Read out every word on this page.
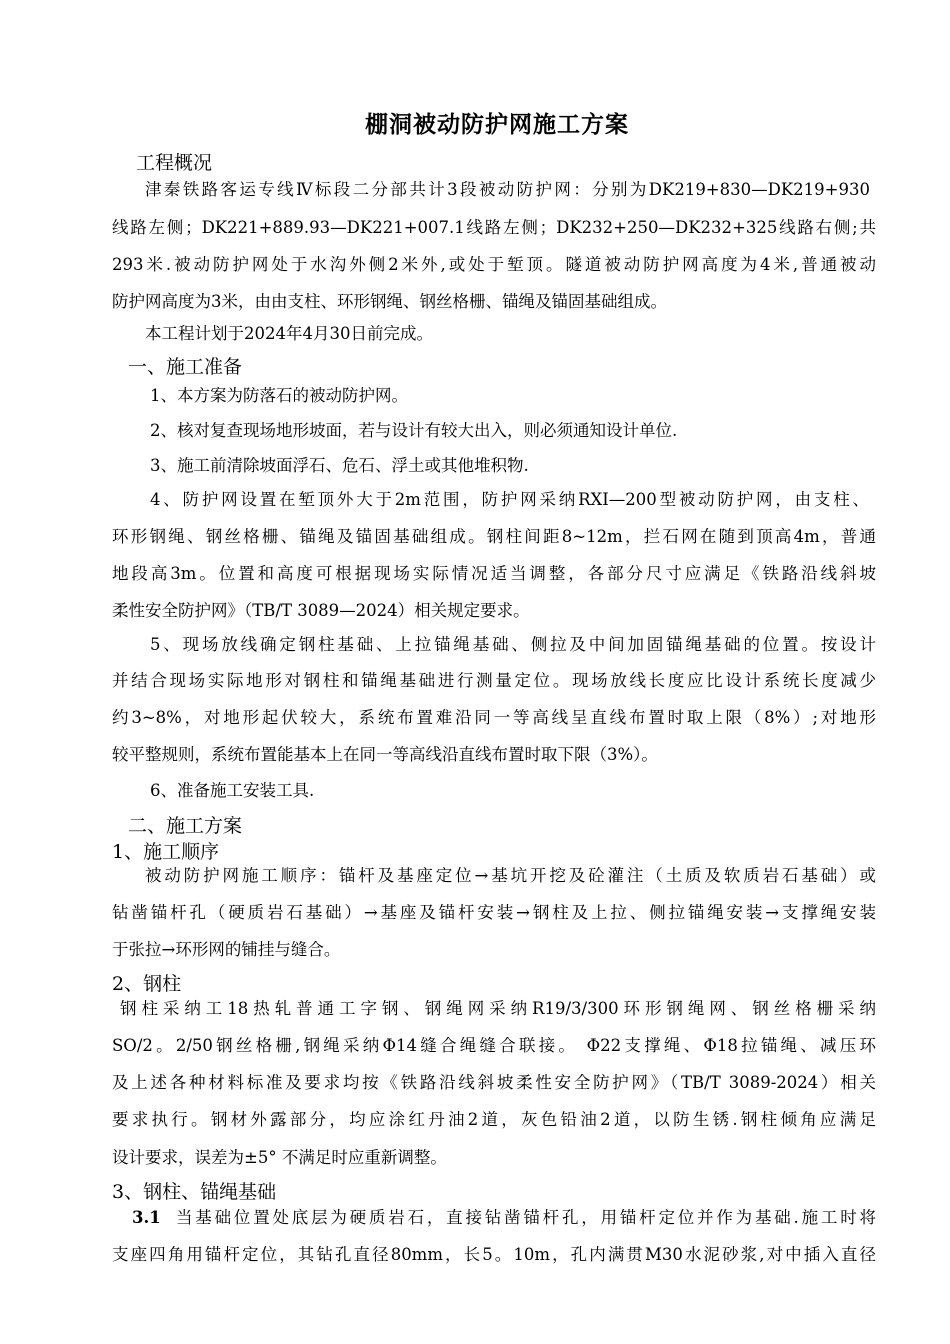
棚洞被动防护网施工方案
工程概况
津秦铁路客运专线Ⅳ标段二分部共计3段被动防护网：分别为DK219+830—DK219+930
线路左侧；DK221+889.93—DK221+007.1线路左侧；DK232+250—DK232+325线路右侧;共
293米.被动防护网处于水沟外侧2米外,或处于堑顶。隧道被动防护网高度为4米,普通被动
防护网高度为3米，由由支柱、环形钢绳、钢丝格栅、锚绳及锚固基础组成。
本工程计划于2024年4月30日前完成。
一、施工准备
1、本方案为防落石的被动防护网。
2、核对复查现场地形坡面，若与设计有较大出入，则必须通知设计单位.
3、施工前清除坡面浮石、危石、浮土或其他堆积物.
4、防护网设置在堑顶外大于2m范围，防护网采纳RXI—200型被动防护网，由支柱、
环形钢绳、钢丝格栅、锚绳及锚固基础组成。钢柱间距8~12m，拦石网在随到顶高4m，普通
地段高3m。位置和高度可根据现场实际情况适当调整，各部分尺寸应满足《铁路沿线斜坡
柔性安全防护网》（TB/T 3089—2024）相关规定要求。
5、现场放线确定钢柱基础、上拉锚绳基础、侧拉及中间加固锚绳基础的位置。按设计
并结合现场实际地形对钢柱和锚绳基础进行测量定位。现场放线长度应比设计系统长度减少
约3~8%，对地形起伏较大，系统布置难沿同一等高线呈直线布置时取上限（8%）;对地形
较平整规则，系统布置能基本上在同一等高线沿直线布置时取下限（3%）。
6、准备施工安装工具.
二、施工方案
1、施工顺序
被动防护网施工顺序：锚杆及基座定位→基坑开挖及砼灌注（土质及软质岩石基础）或
钻凿锚杆孔（硬质岩石基础）→基座及锚杆安装→钢柱及上拉、侧拉锚绳安装→支撑绳安装
于张拉→环形网的铺挂与缝合。
2、钢柱
钢柱采纳工18热轧普通工字钢、钢绳网采纳R19/3/300环形钢绳网、钢丝格栅采纳
SO/2。2/50钢丝格栅,钢绳采纳Φ14缝合绳缝合联接。 Φ22支撑绳、Φ18拉锚绳、减压环
及上述各种材料标准及要求均按《铁路沿线斜坡柔性安全防护网》（TB/T 3089-2024）相关
要求执行。钢材外露部分，均应涂红丹油2道，灰色铅油2道，以防生锈.钢柱倾角应满足
设计要求，误差为±5° 不满足时应重新调整。
3、钢柱、锚绳基础
3.1 当基础位置处底层为硬质岩石，直接钻凿锚杆孔，用锚杆定位并作为基础.施工时将
支座四角用锚杆定位，其钻孔直径80mm，长5。10m，孔内满贯M30水泥砂浆,对中插入直径
